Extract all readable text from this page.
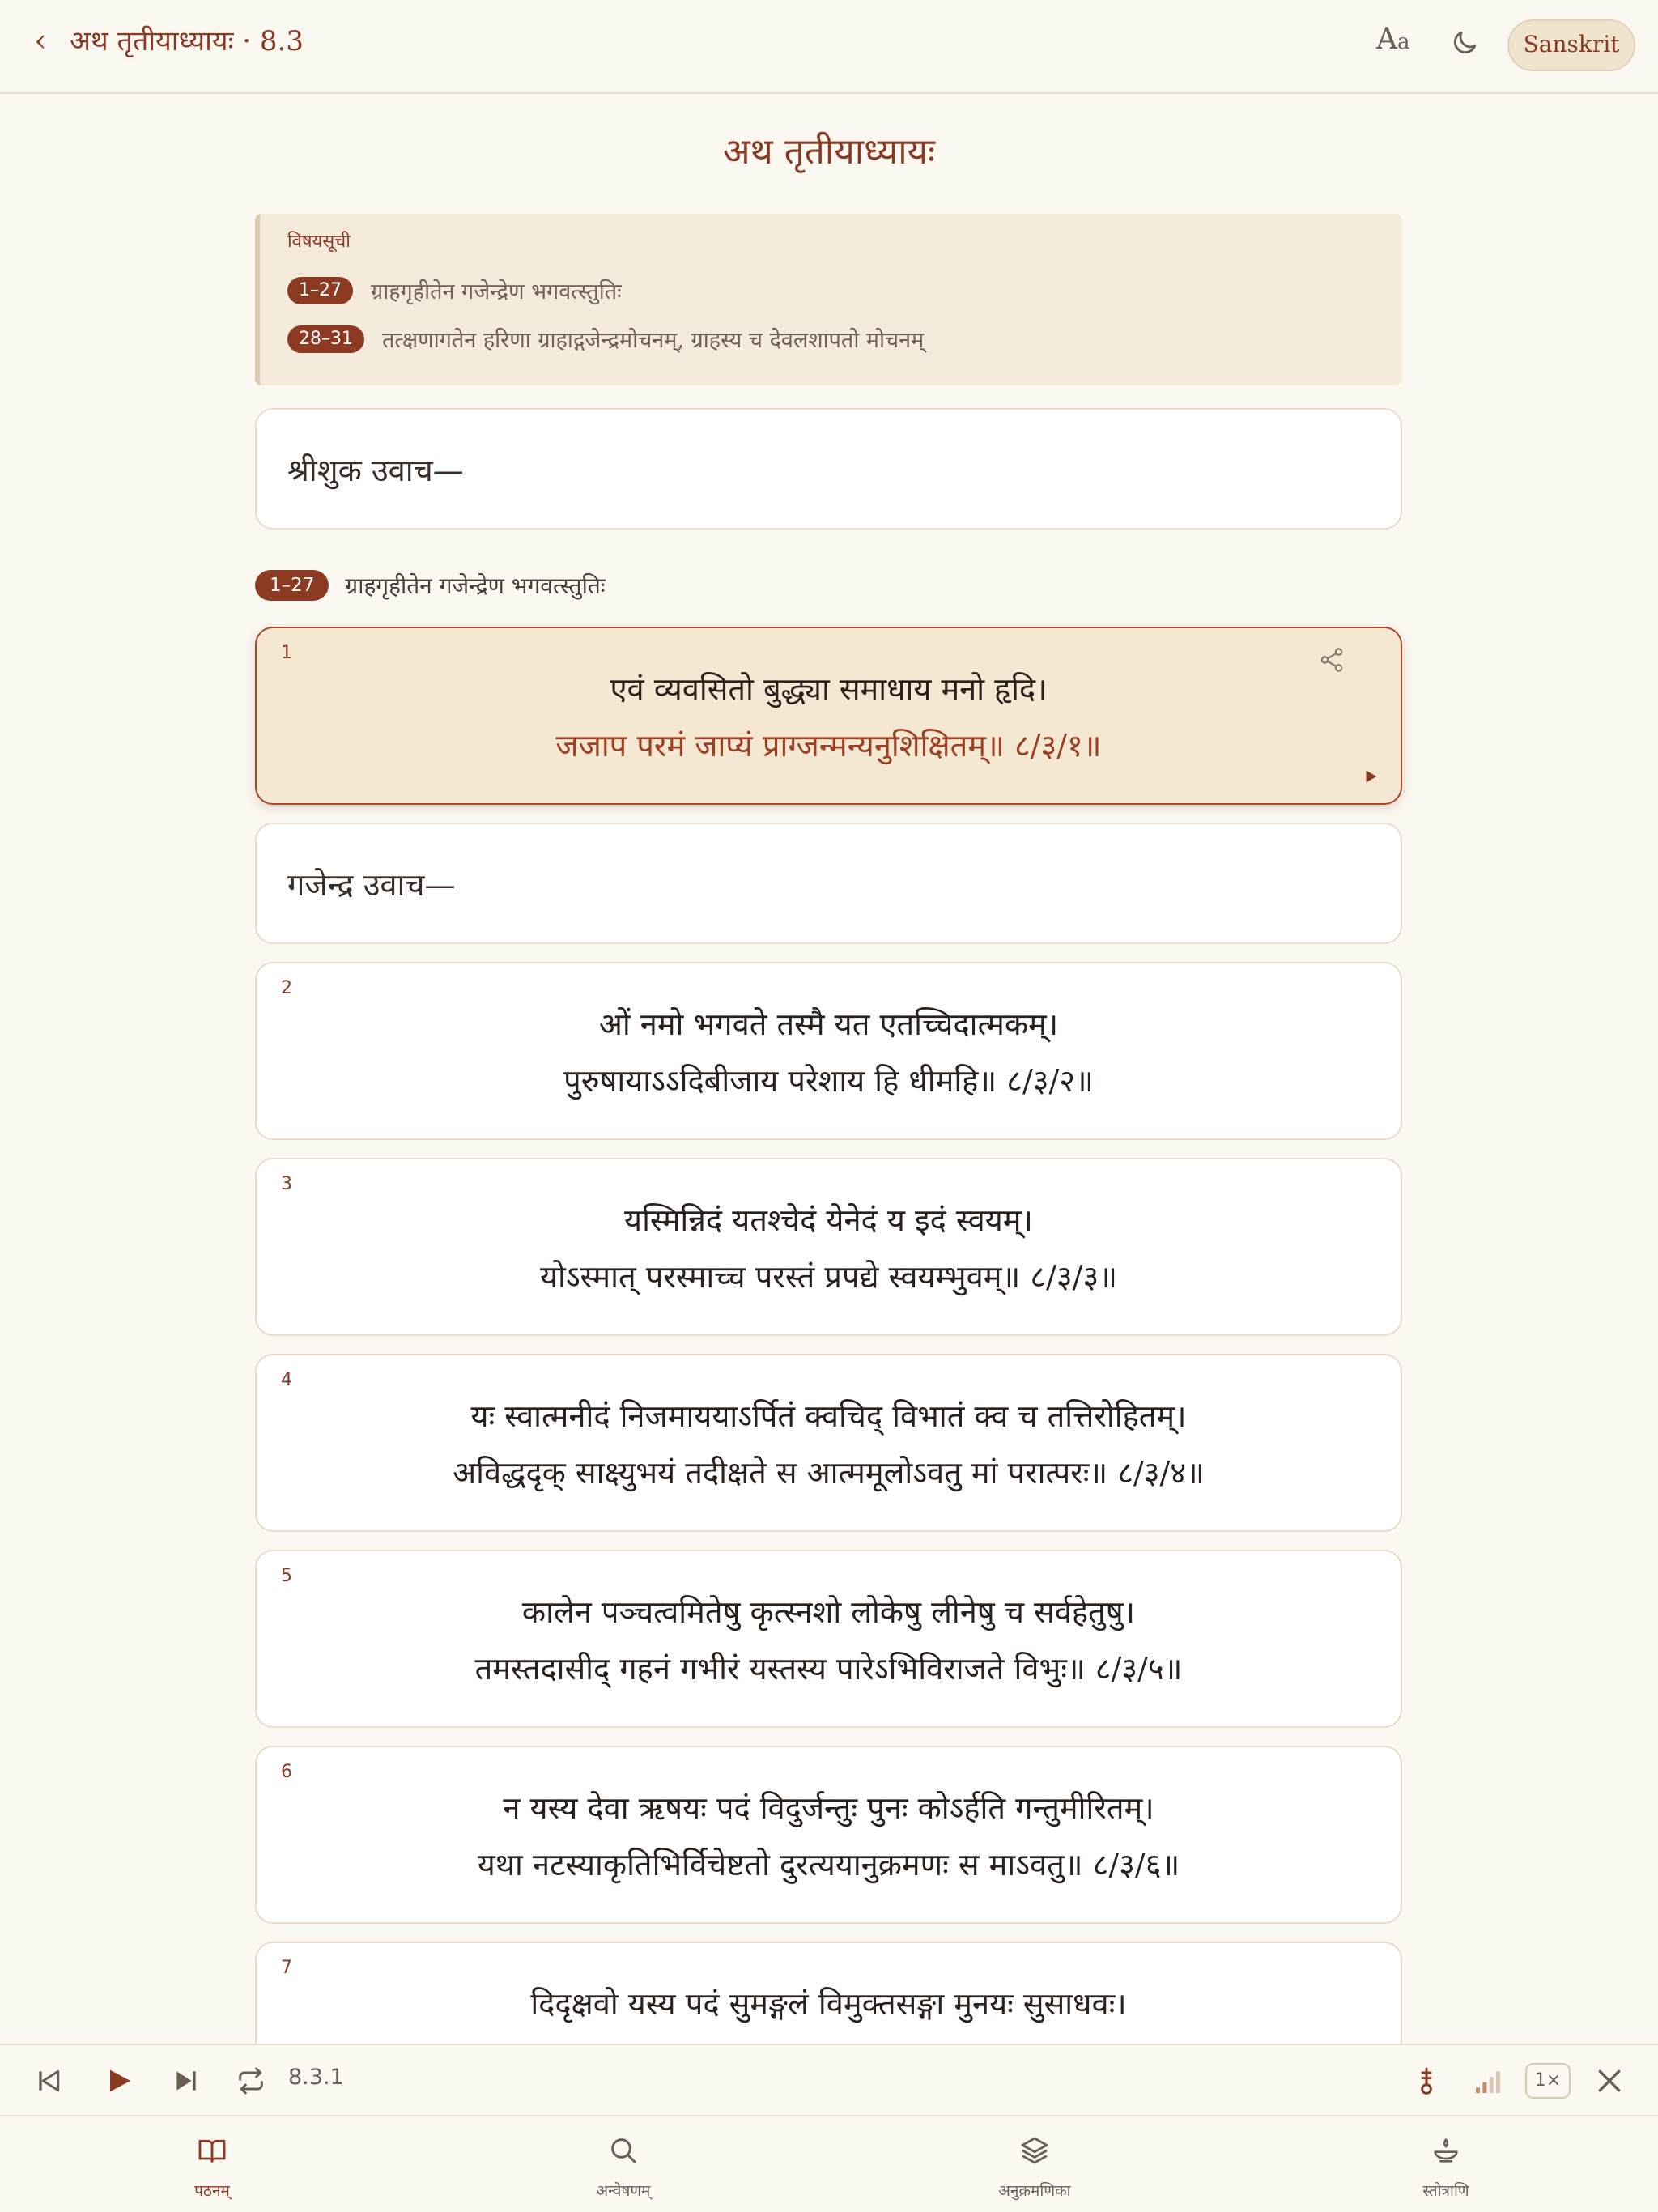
‹ अथ तृतीयाध्यायः · 8.3	Aa	Sanskrit
अथ तृतीयाध्यायः
विषयसूची
1–27	ग्राहगृहीतेन गजेन्द्रेण भगवत्स्तुतिः
28–31	तत्क्षणागतेन हरिणा ग्राहाद्गजेन्द्रमोचनम्, ग्राहस्य च देवलशापतो मोचनम्
श्रीशुक उवाच—
1–27	ग्राहगृहीतेन गजेन्द्रेण भगवत्स्तुतिः
1
एवं व्यवसितो बुद्ध्या समाधाय मनो हृदि।
जजाप परमं जाप्यं प्राग्जन्मन्यनुशिक्षितम्॥ ८/३/१॥
गजेन्द्र उवाच—
2
ओं नमो भगवते तस्मै यत एतच्चिदात्मकम्।
पुरुषायाऽऽदिबीजाय परेशाय हि धीमहि॥ ८/३/२॥
3
यस्मिन्निदं यतश्चेदं येनेदं य इदं स्वयम्।
योऽस्मात् परस्माच्च परस्तं प्रपद्ये स्वयम्भुवम्॥ ८/३/३॥
4
यः स्वात्मनीदं निजमाययाऽर्पितं क्वचिद् विभातं क्व च तत्तिरोहितम्।
अविद्धदृक् साक्ष्युभयं तदीक्षते स आत्ममूलोऽवतु मां परात्परः॥ ८/३/४॥
5
कालेन पञ्चत्वमितेषु कृत्स्नशो लोकेषु लीनेषु च सर्वहेतुषु।
तमस्तदासीद् गहनं गभीरं यस्तस्य पारेऽभिविराजते विभुः॥ ८/३/५॥
6
न यस्य देवा ऋषयः पदं विदुर्जन्तुः पुनः कोऽर्हति गन्तुमीरितम्।
यथा नटस्याकृतिभिर्विचेष्टतो दुरत्ययानुक्रमणः स माऽवतु॥ ८/३/६॥
7
दिदृक्षवो यस्य पदं सुमङ्गलं विमुक्तसङ्गा मुनयः सुसाधवः।
8.3.1	1×
पठनम्	अन्वेषणम्	अनुक्रमणिका	स्तोत्राणि
